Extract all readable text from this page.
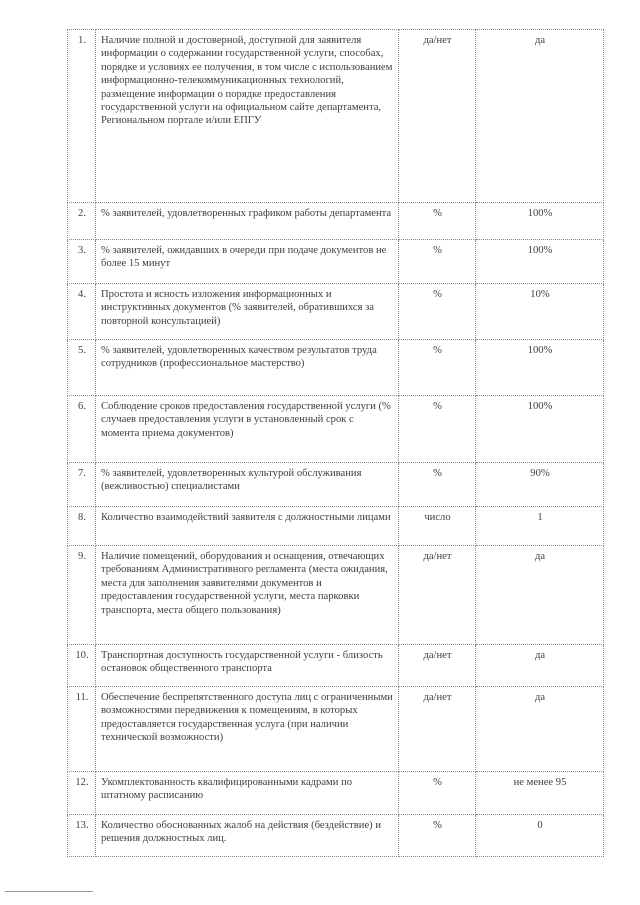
1.	Наличие полной и достоверной, доступной для заявителя информации о содержании государственной услуги, способах, порядке и условиях ее получения, в том числе с использованием информационно-телекоммуникационных технологий, размещение информации о порядке предоставления государственной услуги на официальном сайте департамента, Региональном портале и/или ЕПГУ	да/нет	да
2.	% заявителей, удовлетворенных графиком работы департамента	%	100%
3.	% заявителей, ожидавших в очереди при подаче документов не более 15 минут	%	100%
4.	Простота и ясность изложения информационных и инструктивных документов (% заявителей, обратившихся за повторной консультацией)	%	10%
5.	% заявителей, удовлетворенных качеством результатов труда сотрудников (профессиональное мастерство)	%	100%
6.	Соблюдение сроков предоставления государственной услуги (% случаев предоставления услуги в установленный срок с момента приема документов)	%	100%
7.	% заявителей, удовлетворенных культурой обслуживания (вежливостью) специалистами	%	90%
8.	Количество взаимодействий заявителя с должностными лицами	число	1
9.	Наличие помещений, оборудования и оснащения, отвечающих требованиям Административного регламента (места ожидания, места для заполнения заявителями документов и предоставления государственной услуги, места парковки транспорта, места общего пользования)	да/нет	да
10.	Транспортная доступность государственной услуги - близость остановок общественного транспорта	да/нет	да
11.	Обеспечение беспрепятственного доступа лиц с ограниченными возможностями передвижения к помещениям, в которых предоставляется государственная услуга (при наличии технической возможности)	да/нет	да
12.	Укомплектованность квалифицированными кадрами по штатному расписанию	%	не менее 95
13.	Количество обоснованных жалоб на действия (бездействие) и решения должностных лиц.	%	0
